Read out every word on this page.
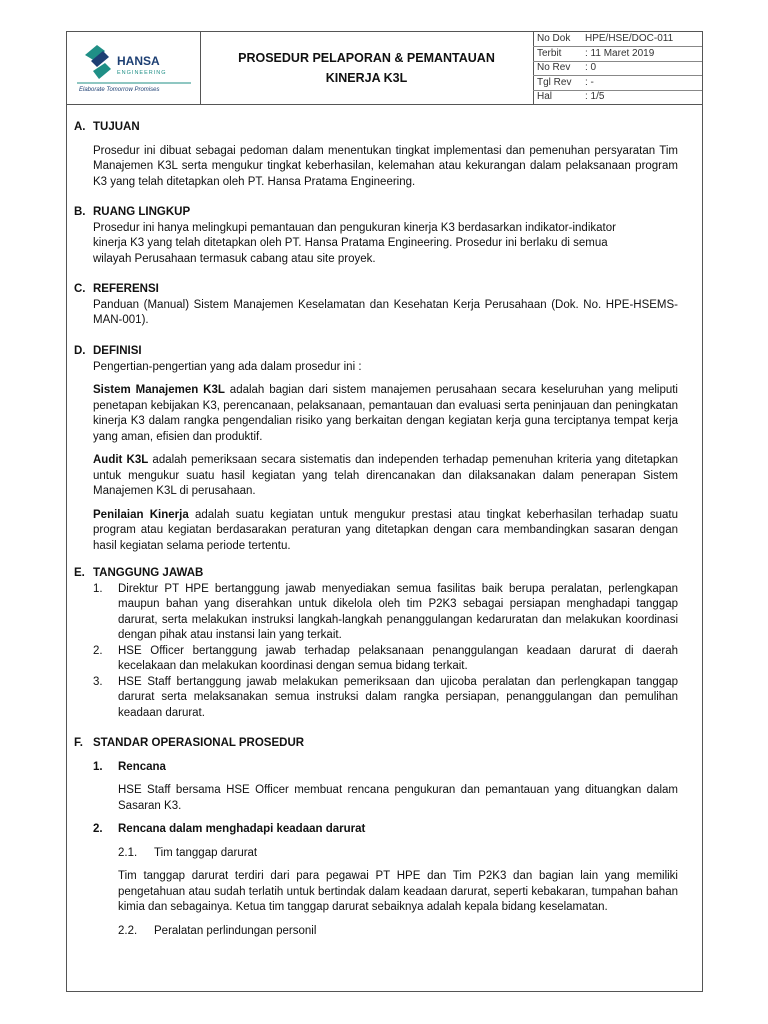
HANSA
ENGINEERING
Elaborate Tomorrow Promises
PROSEDUR PELAPORAN & PEMANTAUAN
KINERJA K3L
No Dok HPE/HSE/DOC-011
Terbit : 11 Maret 2019
No Rev : 0
Tgl Rev : -
Hal	: 1/5
A. TUJUAN

Prosedur ini dibuat sebagai pedoman dalam menentukan tingkat implementasi dan pemenuhan persyaratan Tim Manajemen K3L serta mengukur tingkat keberhasilan, kelemahan atau kekurangan dalam pelaksanaan program K3 yang telah ditetapkan oleh PT. Hansa Pratama Engineering.

B. RUANG LINGKUP
Prosedur ini hanya melingkupi pemantauan dan pengukuran kinerja K3 berdasarkan indikator-indikator
kinerja K3 yang telah ditetapkan oleh PT. Hansa Pratama Engineering. Prosedur ini berlaku di semua
wilayah Perusahaan termasuk cabang atau site proyek.
C. REFERENSI

Panduan (Manual) Sistem Manajemen Keselamatan dan Kesehatan Kerja Perusahaan (Dok. No. HPE-HSEMS-MAN-001).

D. DEFINISI

Pengertian-pengertian yang ada dalam prosedur ini :

Sistem Manajemen K3L adalah bagian dari sistem manajemen perusahaan secara keseluruhan yang meliputi penetapan kebijakan K3, perencanaan, pelaksanaan, pemantauan dan evaluasi serta peninjauan dan peningkatan kinerja K3 dalam rangka pengendalian risiko yang berkaitan dengan kegiatan kerja guna terciptanya tempat kerja yang aman, efisien dan produktif.

Audit K3L adalah pemeriksaan secara sistematis dan independen terhadap pemenuhan kriteria yang ditetapkan untuk mengukur suatu hasil kegiatan yang telah direncanakan dan dilaksanakan dalam penerapan Sistem Manajemen K3L di perusahaan.

Penilaian Kinerja adalah suatu kegiatan untuk mengukur prestasi atau tingkat keberhasilan terhadap suatu program atau kegiatan berdasarakan peraturan yang ditetapkan dengan cara membandingkan sasaran dengan hasil kegiatan selama periode tertentu.

E. TANGGUNG JAWAB
1. Direktur PT HPE bertanggung jawab menyediakan semua fasilitas baik berupa peralatan, perlengkapan maupun bahan yang diserahkan untuk dikelola oleh tim P2K3 sebagai persiapan menghadapi tanggap darurat, serta melakukan instruksi langkah-langkah penanggulangan kedaruratan dan melakukan koordinasi dengan pihak atau instansi lain yang terkait.
2. HSE Officer bertanggung jawab terhadap pelaksanaan penanggulangan keadaan darurat di daerah kecelakaan dan melakukan koordinasi dengan semua bidang terkait.
3. HSE Staff bertanggung jawab melakukan pemeriksaan dan ujicoba peralatan dan perlengkapan tanggap darurat serta melaksanakan semua instruksi dalam rangka persiapan, penanggulangan dan pemulihan keadaan darurat.
F. STANDAR OPERASIONAL PROSEDUR
1. Rencana

HSE Staff bersama HSE Officer membuat rencana pengukuran dan pemantauan yang dituangkan dalam Sasaran K3.

2. Rencana dalam menghadapi keadaan darurat
2.1. Tim tanggap darurat

Tim tanggap darurat terdiri dari para pegawai PT HPE dan Tim P2K3 dan bagian lain yang memiliki pengetahuan atau sudah terlatih untuk bertindak dalam keadaan darurat, seperti kebakaran, tumpahan bahan kimia dan sebagainya. Ketua tim tanggap darurat sebaiknya adalah kepala bidang keselamatan.

2.2. Peralatan perlindungan personil
